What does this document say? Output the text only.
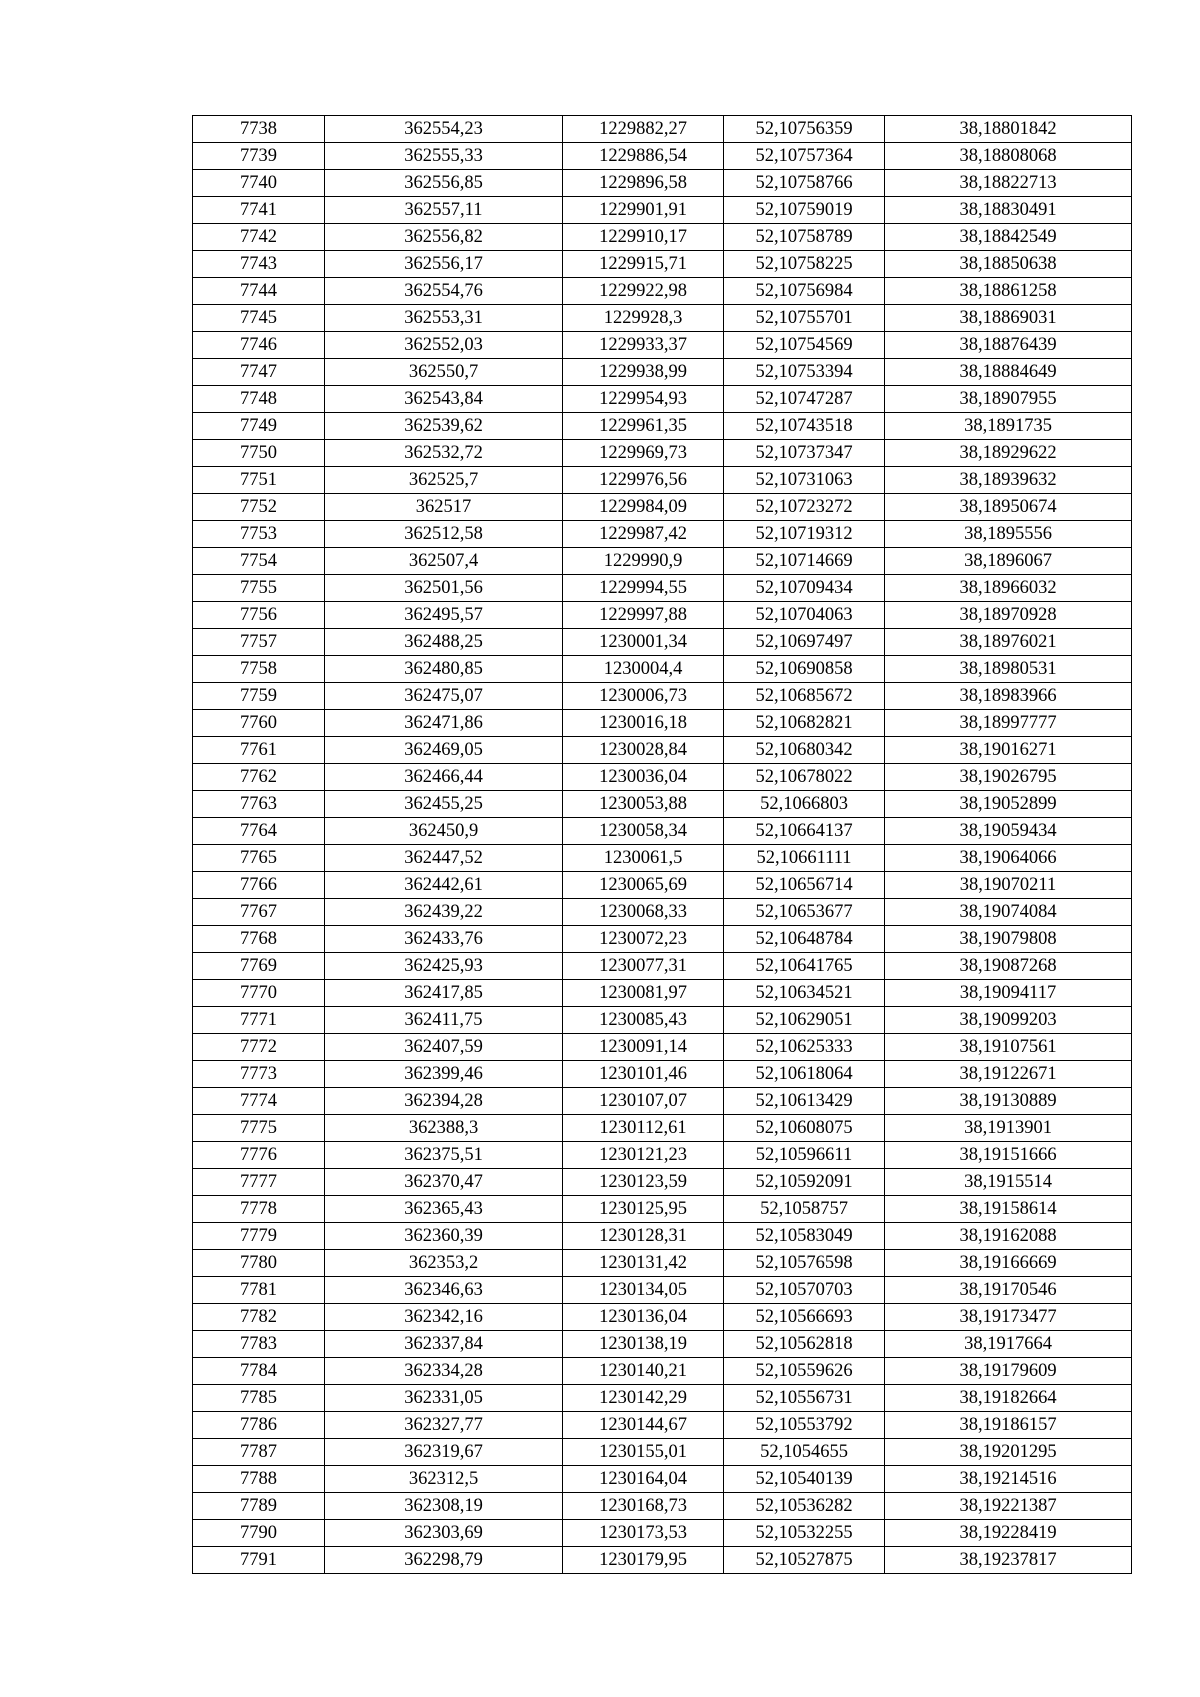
7738	362554,23	1229882,27	52,10756359	38,18801842
7739	362555,33	1229886,54	52,10757364	38,18808068
7740	362556,85	1229896,58	52,10758766	38,18822713
7741	362557,11	1229901,91	52,10759019	38,18830491
7742	362556,82	1229910,17	52,10758789	38,18842549
7743	362556,17	1229915,71	52,10758225	38,18850638
7744	362554,76	1229922,98	52,10756984	38,18861258
7745	362553,31	1229928,3	52,10755701	38,18869031
7746	362552,03	1229933,37	52,10754569	38,18876439
7747	362550,7	1229938,99	52,10753394	38,18884649
7748	362543,84	1229954,93	52,10747287	38,18907955
7749	362539,62	1229961,35	52,10743518	38,1891735
7750	362532,72	1229969,73	52,10737347	38,18929622
7751	362525,7	1229976,56	52,10731063	38,18939632
7752	362517	1229984,09	52,10723272	38,18950674
7753	362512,58	1229987,42	52,10719312	38,1895556
7754	362507,4	1229990,9	52,10714669	38,1896067
7755	362501,56	1229994,55	52,10709434	38,18966032
7756	362495,57	1229997,88	52,10704063	38,18970928
7757	362488,25	1230001,34	52,10697497	38,18976021
7758	362480,85	1230004,4	52,10690858	38,18980531
7759	362475,07	1230006,73	52,10685672	38,18983966
7760	362471,86	1230016,18	52,10682821	38,18997777
7761	362469,05	1230028,84	52,10680342	38,19016271
7762	362466,44	1230036,04	52,10678022	38,19026795
7763	362455,25	1230053,88	52,1066803	38,19052899
7764	362450,9	1230058,34	52,10664137	38,19059434
7765	362447,52	1230061,5	52,10661111	38,19064066
7766	362442,61	1230065,69	52,10656714	38,19070211
7767	362439,22	1230068,33	52,10653677	38,19074084
7768	362433,76	1230072,23	52,10648784	38,19079808
7769	362425,93	1230077,31	52,10641765	38,19087268
7770	362417,85	1230081,97	52,10634521	38,19094117
7771	362411,75	1230085,43	52,10629051	38,19099203
7772	362407,59	1230091,14	52,10625333	38,19107561
7773	362399,46	1230101,46	52,10618064	38,19122671
7774	362394,28	1230107,07	52,10613429	38,19130889
7775	362388,3	1230112,61	52,10608075	38,1913901
7776	362375,51	1230121,23	52,10596611	38,19151666
7777	362370,47	1230123,59	52,10592091	38,1915514
7778	362365,43	1230125,95	52,1058757	38,19158614
7779	362360,39	1230128,31	52,10583049	38,19162088
7780	362353,2	1230131,42	52,10576598	38,19166669
7781	362346,63	1230134,05	52,10570703	38,19170546
7782	362342,16	1230136,04	52,10566693	38,19173477
7783	362337,84	1230138,19	52,10562818	38,1917664
7784	362334,28	1230140,21	52,10559626	38,19179609
7785	362331,05	1230142,29	52,10556731	38,19182664
7786	362327,77	1230144,67	52,10553792	38,19186157
7787	362319,67	1230155,01	52,1054655	38,19201295
7788	362312,5	1230164,04	52,10540139	38,19214516
7789	362308,19	1230168,73	52,10536282	38,19221387
7790	362303,69	1230173,53	52,10532255	38,19228419
7791	362298,79	1230179,95	52,10527875	38,19237817
